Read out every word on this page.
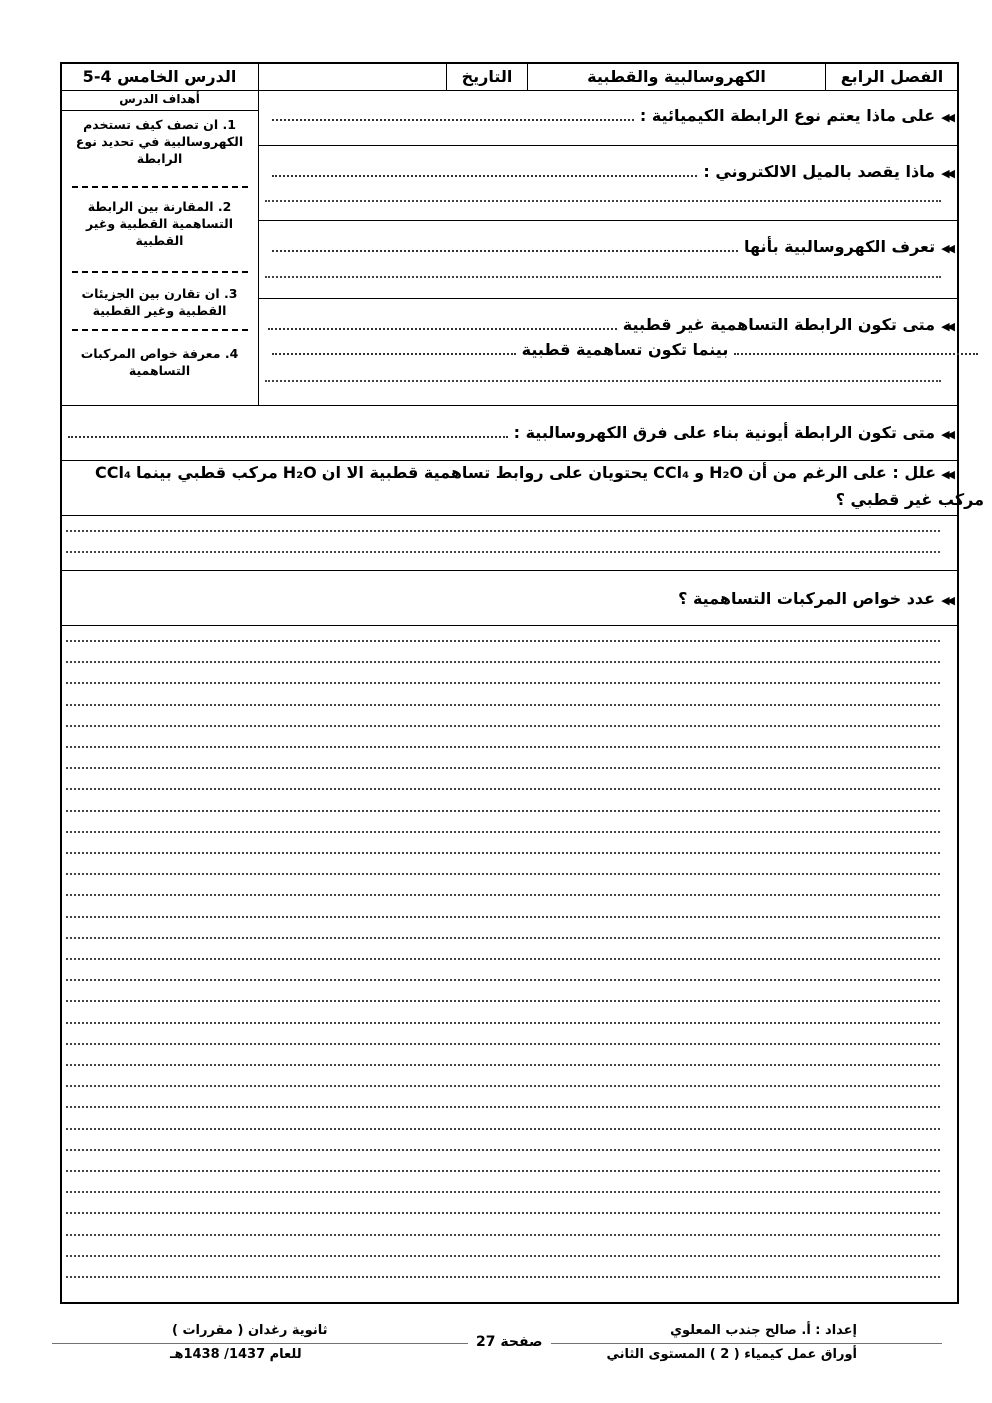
الفصل الرابع
الكهروسالبية والقطبية
التاريخ
الدرس الخامس 4-5
أهداف الدرس
1. ان تصف كيف تستخدم الكهروسالبية في تحديد نوع الرابطة
2. المقارنة بين الرابطة التساهمية القطبية وغير القطبية
3. ان تقارن بين الجزيئات القطبية وغير القطبية
4. معرفة خواص المركبات التساهمية
◀◀
على ماذا يعتم نوع الرابطة الكيميائية :
◀◀
ماذا يقصد بالميل الالكتروني :
◀◀
تعرف الكهروسالبية بأنها
◀◀
متى تكون الرابطة التساهمية غير قطبية
بينما تكون تساهمية قطبية
◀◀
متى تكون الرابطة أيونية بناء على فرق الكهروسالبية :
◀◀
علل : على الرغم من أن
H₂O
و
CCl₄
يحتويان على روابط تساهمية قطبية الا ان
H₂O
مركب قطبي بينما
CCl₄
مركب غير قطبي ؟
◀◀
عدد خواص المركبات التساهمية ؟
إعداد : أ. صالح جندب المعلوي
أوراق عمل كيمياء ( 2 ) المستوى الثاني
صفحة 27
ثانوية رغدان ( مقررات )
للعام 1437/ 1438هـ
